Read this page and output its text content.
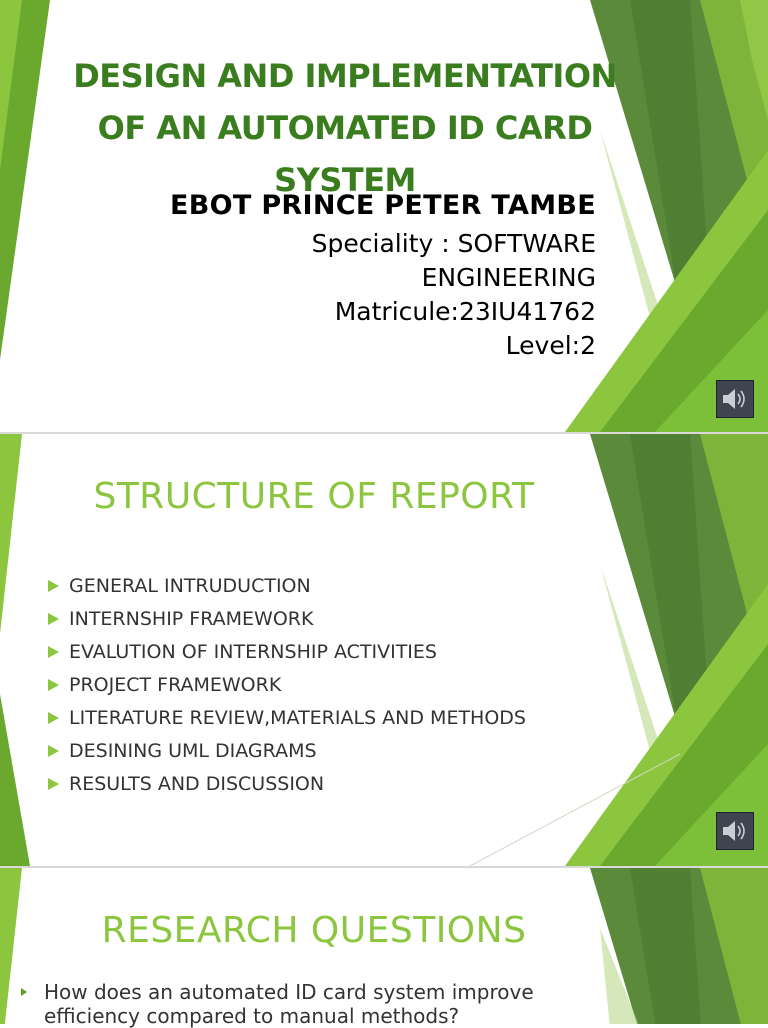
DESIGN AND IMPLEMENTATION
OF AN AUTOMATED ID CARD
SYSTEM
EBOT PRINCE PETER TAMBE
Speciality : SOFTWARE
ENGINEERING
Matricule:23IU41762
Level:2
STRUCTURE OF REPORT
GENERAL INTRUDUCTION
INTERNSHIP FRAMEWORK
EVALUTION OF INTERNSHIP ACTIVITIES
PROJECT FRAMEWORK
LITERATURE REVIEW,MATERIALS AND METHODS
DESINING UML DIAGRAMS
RESULTS AND DISCUSSION
RESEARCH QUESTIONS
How does an automated ID card system improve
efficiency compared to manual methods?
